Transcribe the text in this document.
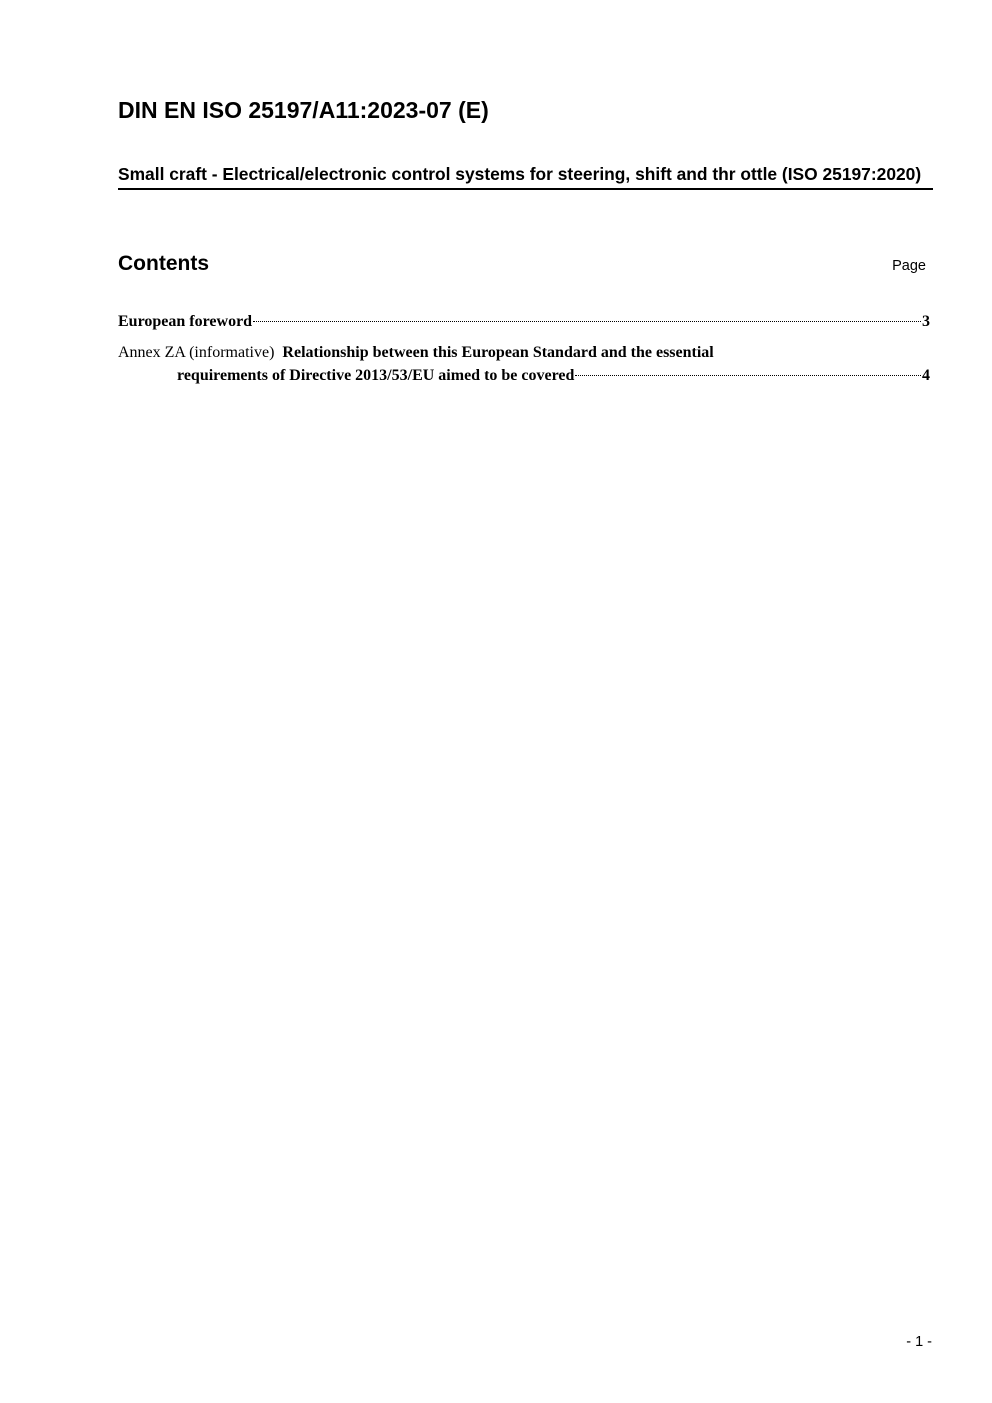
DIN EN ISO 25197/A11:2023-07 (E)
Small craft - Electrical/electronic control systems for steering, shift and thr ottle (ISO 25197:2020)
Contents	Page
European foreword	3
Annex ZA (informative) Relationship between this European Standard and the essential
requirements of Directive 2013/53/EU aimed to be covered	4
- 1 -
